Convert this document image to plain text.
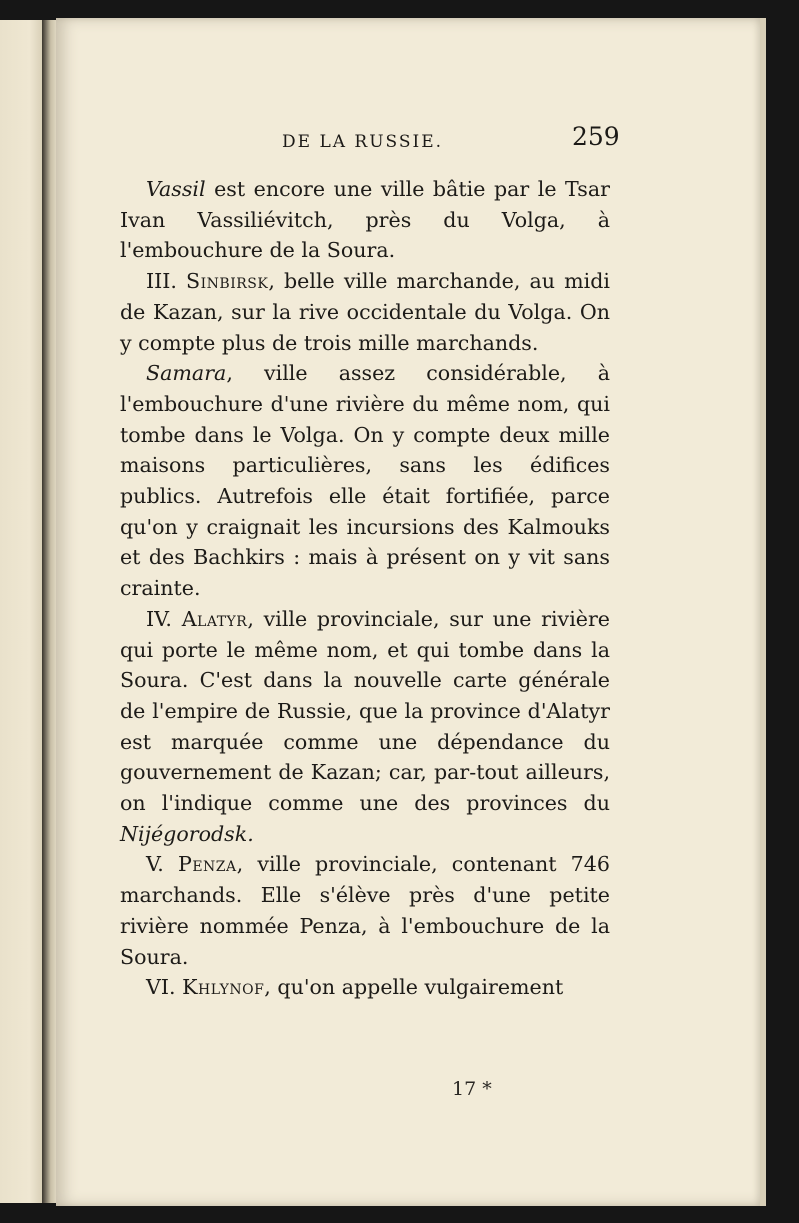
DE LA RUSSIE.	259

Vassil est encore une ville bâtie par le Tsar Ivan Vassiliévitch, près du Volga, à l'embouchure de la Soura.

III. Sinbirsk, belle ville marchande, au midi de Kazan, sur la rive occidentale du Volga. On y compte plus de trois mille marchands.

Samara, ville assez considérable, à l'embouchure d'une rivière du même nom, qui tombe dans le Volga. On y compte deux mille maisons particulières, sans les édifices publics. Autrefois elle était fortifiée, parce qu'on y craignait les incursions des Kalmouks et des Bachkirs : mais à présent on y vit sans crainte.

IV. Alatyr, ville provinciale, sur une rivière qui porte le même nom, et qui tombe dans la Soura. C'est dans la nouvelle carte générale de l'empire de Russie, que la province d'Alatyr est marquée comme une dépendance du gouvernement de Kazan; car, par-tout ailleurs, on l'indique comme une des provinces du Nijégorodsk.

V. Penza, ville provinciale, contenant 746 marchands. Elle s'élève près d'une petite rivière nommée Penza, à l'embouchure de la Soura.

VI. Khlynof, qu'on appelle vulgairement

17 *
